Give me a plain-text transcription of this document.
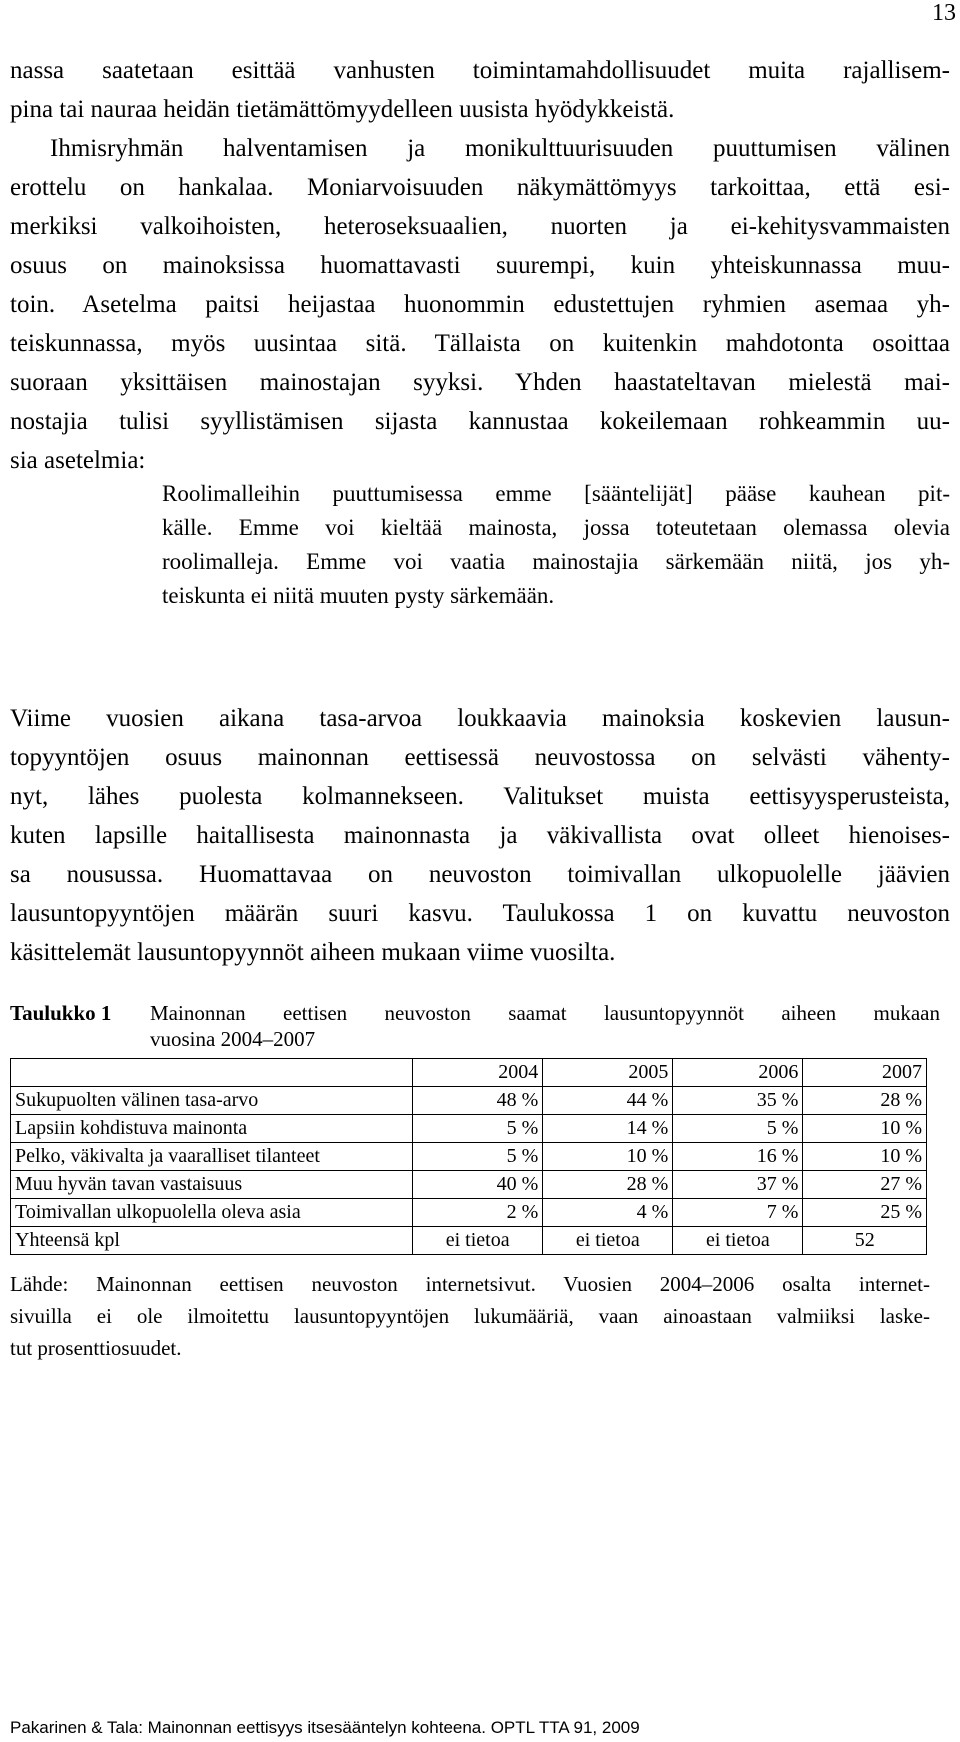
13
nassa saatetaan esittää vanhusten toimintamahdollisuudet muita rajallisem-
pina tai nauraa heidän tietämättömyydelleen uusista hyödykkeistä.
Ihmisryhmän halventamisen ja monikulttuurisuuden puuttumisen välinen
erottelu on hankalaa. Moniarvoisuuden näkymättömyys tarkoittaa, että esi-
merkiksi valkoihoisten, heteroseksuaalien, nuorten ja ei-kehitysvammaisten
osuus on mainoksissa huomattavasti suurempi, kuin yhteiskunnassa muu-
toin. Asetelma paitsi heijastaa huonommin edustettujen ryhmien asemaa yh-
teiskunnassa, myös uusintaa sitä. Tällaista on kuitenkin mahdotonta osoittaa
suoraan yksittäisen mainostajan syyksi. Yhden haastateltavan mielestä mai-
nostajia tulisi syyllistämisen sijasta kannustaa kokeilemaan rohkeammin uu-
sia asetelmia:
Roolimalleihin puuttumisessa emme [sääntelijät] pääse kauhean pit-
källe. Emme voi kieltää mainosta, jossa toteutetaan olemassa olevia
roolimalleja. Emme voi vaatia mainostajia särkemään niitä, jos yh-
teiskunta ei niitä muuten pysty särkemään.
Viime vuosien aikana tasa-arvoa loukkaavia mainoksia koskevien lausun-
topyyntöjen osuus mainonnan eettisessä neuvostossa on selvästi vähenty-
nyt, lähes puolesta kolmannekseen. Valitukset muista eettisyysperusteista,
kuten lapsille haitallisesta mainonnasta ja väkivallista ovat olleet hienoises-
sa nousussa. Huomattavaa on neuvoston toimivallan ulkopuolelle jäävien
lausuntopyyntöjen määrän suuri kasvu. Taulukossa 1 on kuvattu neuvoston
käsittelemät lausuntopyynnöt aiheen mukaan viime vuosilta.
Taulukko 1 Mainonnan eettisen neuvoston saamat lausuntopyynnöt aiheen mukaan
vuosina 2004–2007
	2004	2005	2006	2007
Sukupuolten välinen tasa-arvo	48 %	44 %	35 %	28 %
Lapsiin kohdistuva mainonta	5 %	14 %	5 %	10 %
Pelko, väkivalta ja vaaralliset tilanteet	5 %	10 %	16 %	10 %
Muu hyvän tavan vastaisuus	40 %	28 %	37 %	27 %
Toimivallan ulkopuolella oleva asia	2 %	4 %	7 %	25 %
Yhteensä kpl	ei tietoa	ei tietoa	ei tietoa	52
Lähde: Mainonnan eettisen neuvoston internetsivut. Vuosien 2004–2006 osalta internet-
sivuilla ei ole ilmoitettu lausuntopyyntöjen lukumääriä, vaan ainoastaan valmiiksi laske-
tut prosenttiosuudet.
Pakarinen & Tala: Mainonnan eettisyys itsesääntelyn kohteena. OPTL TTA 91, 2009
